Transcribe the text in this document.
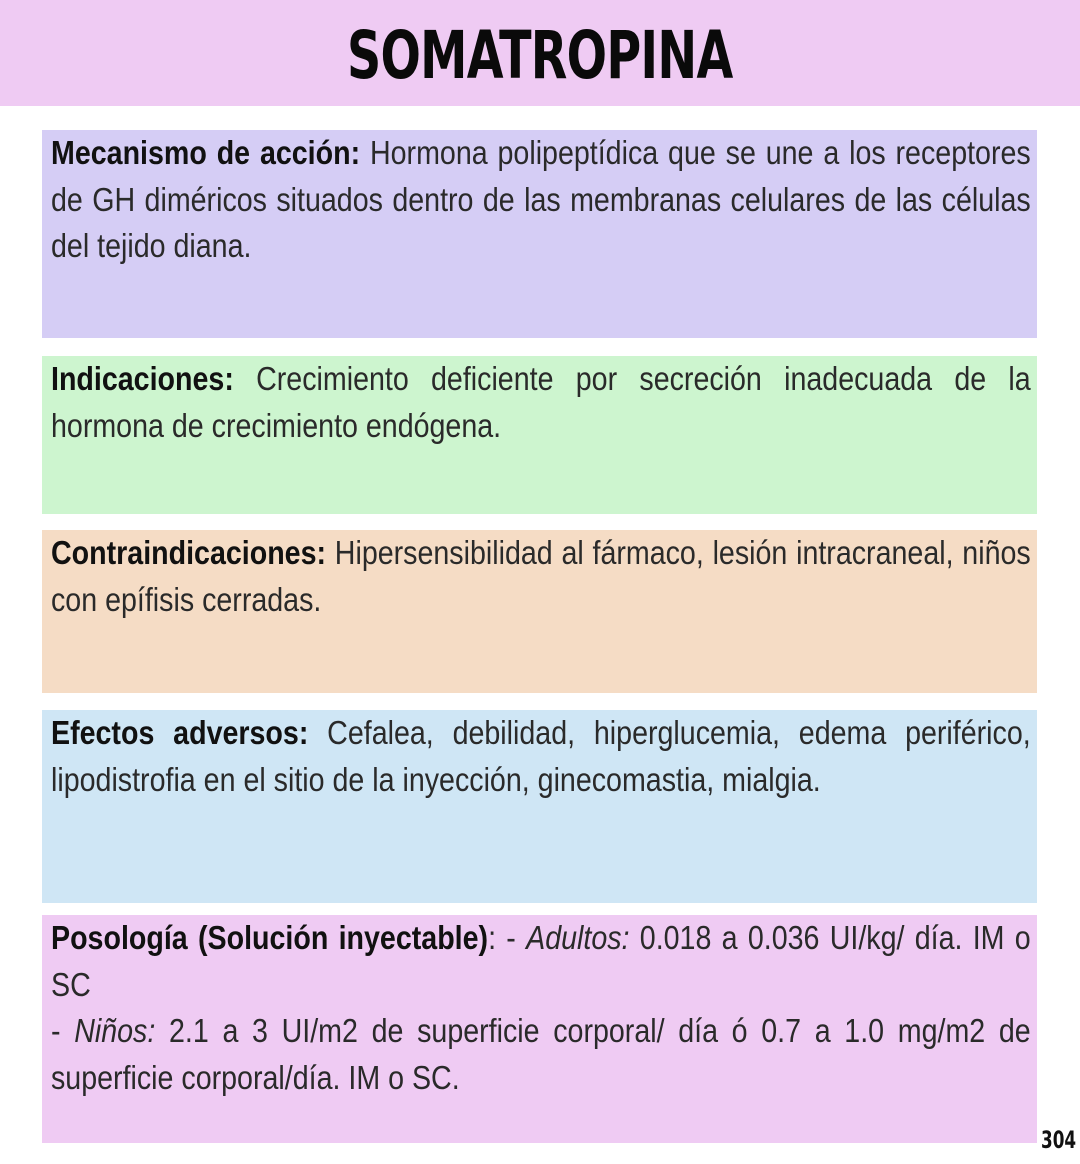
SOMATROPINA
Mecanismo de acción: Hormona polipeptídica que se une a los receptores de GH diméricos situados dentro de las membranas celulares de las células del tejido diana.
Indicaciones: Crecimiento deficiente por secreción inadecuada de la hormona de crecimiento endógena.
Contraindicaciones: Hipersensibilidad al fármaco, lesión intracraneal, niños con epífisis cerradas.
Efectos adversos: Cefalea, debilidad, hiperglucemia, edema periférico, lipodistrofia en el sitio de la inyección, ginecomastia, mialgia.
Posología (Solución inyectable): - Adultos: 0.018 a 0.036 UI/kg/ día. IM o SC
- Niños: 2.1 a 3 UI/m2 de superficie corporal/ día ó 0.7 a 1.0 mg/m2 de superficie corporal/día. IM o SC.
304
